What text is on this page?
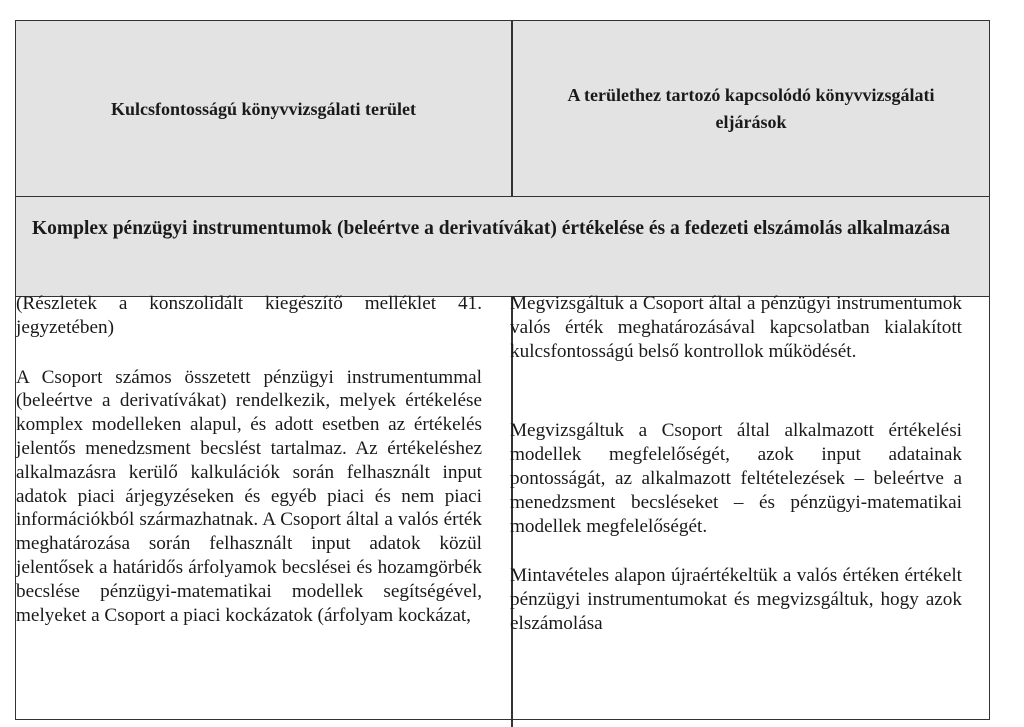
Kulcsfontosságú könyvvizsgálati terület
A területhez tartozó kapcsolódó könyvvizsgálati eljárások
Komplex pénzügyi instrumentumok (beleértve a derivatívákat) értékelése és a fedezeti elszámolás alkalmazása

(Részletek a konszolidált kiegészítő melléklet 41. jegyzetében)

A Csoport számos összetett pénzügyi instrumentummal (beleértve a derivatívákat) rendelkezik, melyek értékelése komplex modelleken alapul, és adott esetben az értékelés jelentős menedzsment becslést tartalmaz. Az értékeléshez alkalmazásra kerülő kalkulációk során felhasznált input adatok piaci árjegyzéseken és egyéb piaci és nem piaci információkból származhatnak. A Csoport által a valós érték meghatározása során felhasznált input adatok közül jelentősek a határidős árfolyamok becslései és hozamgörbék becslése pénzügyi-matematikai modellek segítségével, melyeket a Csoport a piaci kockázatok (árfolyam kockázat,

Megvizsgáltuk a Csoport által a pénzügyi instrumentumok valós érték meghatározásával kapcsolatban kialakított kulcsfontosságú belső kontrollok működését.

Megvizsgáltuk a Csoport által alkalmazott értékelési modellek megfelelőségét, azok input adatainak pontosságát, az alkalmazott feltételezések – beleértve a menedzsment becsléseket – és pénzügyi-matematikai modellek megfelelőségét.

Mintavételes alapon újraértékeltük a valós értéken értékelt pénzügyi instrumentumokat és megvizsgáltuk, hogy azok elszámolása
